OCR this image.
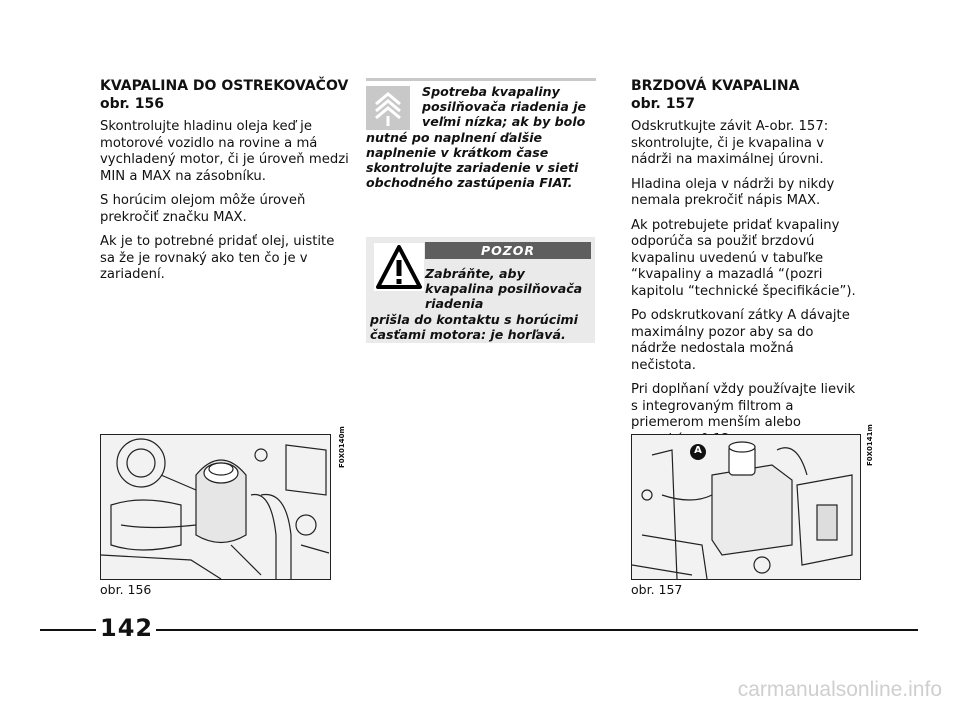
KVAPALINA DO OSTREKOVAČOV obr. 156

Skontrolujte hladinu oleja keď je motorové vozidlo na rovine a má vychladený motor, či je úroveň medzi MIN a MAX na zásobníku.

S horúcim olejom môže úroveň prekročiť značku MAX.

Ak je to potrebné pridať olej, uistite sa že je rovnaký ako ten čo je v zariadení.

Spotreba kvapaliny posilňovača riadenia je veľmi nízka; ak by bolo
nutné po naplnení ďalšie naplnenie v krátkom čase skontrolujte zariadenie v sieti obchodného zastúpenia FIAT.
POZOR
Zabráňte, aby kvapalina posilňovača riadenia
prišla do kontaktu s horúcimi časťami motora: je horľavá.
BRZDOVÁ KVAPALINA
obr. 157

Odskrutkujte závit A-obr. 157: skontrolujte, či je kvapalina v nádrži na maximálnej úrovni.

Hladina oleja v nádrži by nikdy nemala prekročiť nápis MAX.

Ak potrebujete pridať kvapaliny odporúča sa použiť brzdovú kvapalinu uvedenú v tabuľke “kvapaliny a mazadlá “(pozri kapitolu “technické špecifikácie”).

Po odskrutkovaní zátky A dávajte maximálny pozor aby sa do nádrže nedostala možná nečistota.

Pri doplňaní vždy používajte lievik s integrovaným filtrom a priemerom menším alebo

F0X0140m
obr. 156
A	F0X0141m
obr. 157
142
carmanualsonline.info
